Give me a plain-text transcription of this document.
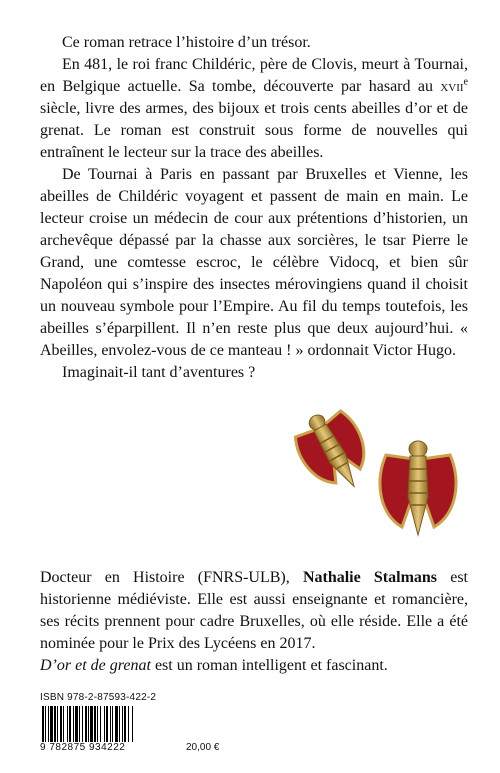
Ce roman retrace l’histoire d’un trésor.

En 481, le roi franc Childéric, père de Clovis, meurt à Tournai, en Belgique actuelle. Sa tombe, découverte par hasard au xvii$^e$ siècle, livre des armes, des bijoux et trois cents abeilles d’or et de grenat. Le roman est construit sous forme de nouvelles qui entraînent le lecteur sur la trace des abeilles.

De Tournai à Paris en passant par Bruxelles et Vienne, les abeilles de Childéric voyagent et passent de main en main. Le lecteur croise un médecin de cour aux prétentions d’historien, un archevêque dépassé par la chasse aux sorcières, le tsar Pierre le Grand, une comtesse escroc, le célèbre Vidocq, et bien sûr Napoléon qui s’inspire des insectes mérovingiens quand il choisit un nouveau symbole pour l’Empire. Au fil du temps toutefois, les abeilles s’éparpillent. Il n’en reste plus que deux aujourd’hui. « Abeilles, envolez-vous de ce manteau ! » ordonnait Victor Hugo.

Imaginait-il tant d’aventures ?

Docteur en Histoire (FNRS-ULB), Nathalie Stalmans est historienne médiéviste. Elle est aussi enseignante et romancière, ses récits prennent pour cadre Bruxelles, où elle réside. Elle a été nominée pour le Prix des Lycéens en 2017.

D’or et de grenat est un roman intelligent et fascinant.

ISBN 978-2-87593-422-2
9 782875 934222	20,00 €
